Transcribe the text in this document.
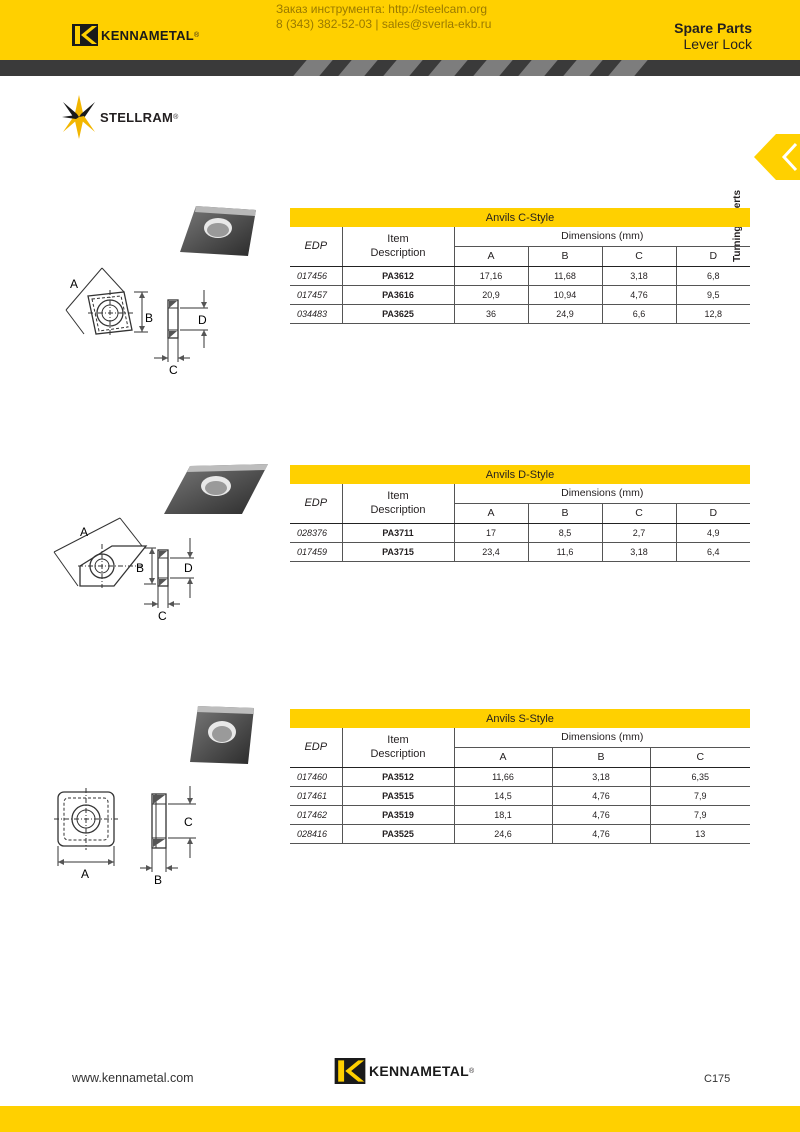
KENNAMETAL ®
Заказ инструмента: http://steelcam.org
8 (343) 382-52-03 | sales@sverla-ekb.ru	Spare Parts
Lever Lock
STELLRAM ®
A
B	D
C
Anvils C-Style					
EDP	Item
Description	Dimensions (mm)			
		A	B	C	D
017456	PA3612	17,16	11,68	3,18	6,8
017457	PA3616	20,9	10,94	4,76	9,5
034483	PA3625	36	24,9	6,6	12,8
A
B	D
C
Anvils D-Style					
EDP	Item
Description	Dimensions (mm)			
		A	B	C	D
028376	PA3711	17	8,5	2,7	4,9
017459	PA3715	23,4	11,6	3,18	6,4
A
C
B
Anvils S-Style				
EDP	Item
Description	Dimensions (mm)		
		A	B	C
017460	PA3512	11,66	3,18	6,35
017461	PA3515	14,5	4,76	7,9
017462	PA3519	18,1	4,76	7,9
028416	PA3525	24,6	4,76	13
www.kennametal.com	KENNAMETAL ®
C175
